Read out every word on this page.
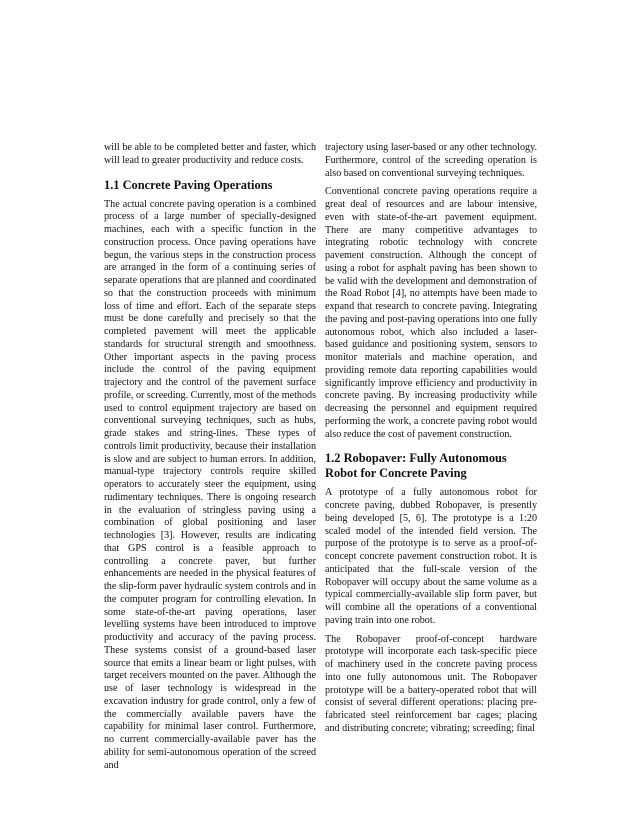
will be able to be completed better and faster, which will lead to greater productivity and reduce costs.

1.1 Concrete Paving Operations

The actual concrete paving operation is a combined process of a large number of specially-designed machines, each with a specific function in the construction process. Once paving operations have begun, the various steps in the construction process are arranged in the form of a continuing series of separate operations that are planned and coordinated so that the construction proceeds with minimum loss of time and effort. Each of the separate steps must be done carefully and precisely so that the completed pavement will meet the applicable standards for structural strength and smoothness. Other important aspects in the paving process include the control of the paving equipment trajectory and the control of the pavement surface profile, or screeding. Currently, most of the methods used to control equipment trajectory are based on conventional surveying techniques, such as hubs, grade stakes and string-lines. These types of controls limit productivity, because their installation is slow and are subject to human errors. In addition, manual-type trajectory controls require skilled operators to accurately steer the equipment, using rudimentary techniques. There is ongoing research in the evaluation of stringless paving using a combination of global positioning and laser technologies [3]. However, results are indicating that GPS control is a feasible approach to controlling a concrete paver, but further enhancements are needed in the physical features of the slip-form paver hydraulic system controls and in the computer program for controlling elevation. In some state-of-the-art paving operations, laser levelling systems have been introduced to improve productivity and accuracy of the paving process. These systems consist of a ground-based laser source that emits a linear beam or light pulses, with target receivers mounted on the paver. Although the use of laser technology is widespread in the excavation industry for grade control, only a few of the commercially available pavers have the capability for minimal laser control. Furthermore, no current commercially-available paver has the ability for semi-autonomous operation of the screed and

trajectory using laser-based or any other technology. Furthermore, control of the screeding operation is also based on conventional surveying techniques.

Conventional concrete paving operations require a great deal of resources and are labour intensive, even with state-of-the-art pavement equipment. There are many competitive advantages to integrating robotic technology with concrete pavement construction. Although the concept of using a robot for asphalt paving has been shown to be valid with the development and demonstration of the Road Robot [4], no attempts have been made to expand that research to concrete paving. Integrating the paving and post-paving operations into one fully autonomous robot, which also included a laser-based guidance and positioning system, sensors to monitor materials and machine operation, and providing remote data reporting capabilities would significantly improve efficiency and productivity in concrete paving. By increasing productivity while decreasing the personnel and equipment required performing the work, a concrete paving robot would also reduce the cost of pavement construction.

1.2 Robopaver: Fully Autonomous Robot for Concrete Paving

A prototype of a fully autonomous robot for concrete paving, dubbed Robopaver, is presently being developed [5, 6]. The prototype is a 1:20 scaled model of the intended field version. The purpose of the prototype is to serve as a proof-of-concept concrete pavement construction robot. It is anticipated that the full-scale version of the Robopaver will occupy about the same volume as a typical commercially-available slip form paver, but will combine all the operations of a conventional paving train into one robot.

The Robopaver proof-of-concept hardware prototype will incorporate each task-specific piece of machinery used in the concrete paving process into one fully autonomous unit. The Robopaver prototype will be a battery-operated robot that will consist of several different operations: placing pre-fabricated steel reinforcement bar cages; placing and distributing concrete; vibrating; screeding; final
